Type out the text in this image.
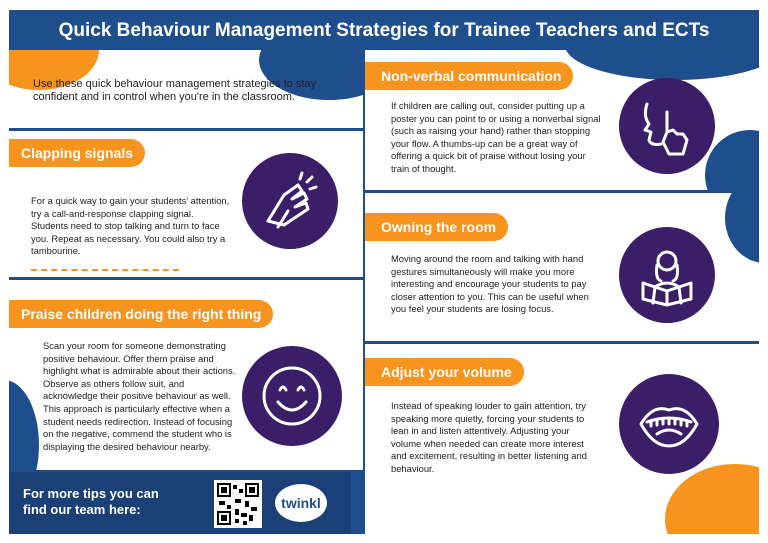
Quick Behaviour Management Strategies for Trainee Teachers and ECTs
Use these quick behaviour management strategies to stay confident and in control when you're in the classroom.
Clapping signals
For a quick way to gain your students' attention, try a call-and-response clapping signal. Students need to stop talking and turn to face you. Repeat as necessary. You could also try a tambourine.
Praise children doing the right thing
Scan your room for someone demonstrating positive behaviour. Offer them praise and highlight what is admirable about their actions. Observe as others follow suit, and acknowledge their positive behaviour as well. This approach is particularly effective when a student needs redirection. Instead of focusing on the negative, commend the student who is displaying the desired behaviour nearby.
For more tips you can find our team here:	twinkl
Non-verbal communication
If children are calling out, consider putting up a poster you can point to or using a nonverbal signal (such as raising your hand) rather than stopping your flow. A thumbs-up can be a great way of offering a quick bit of praise without losing your train of thought.
Owning the room
Moving around the room and talking with hand gestures simultaneously will make you more interesting and encourage your students to pay closer attention to you. This can be useful when you feel your students are losing focus.
Adjust your volume
Instead of speaking louder to gain attention, try speaking more quietly, forcing your students to lean in and listen attentively. Adjusting your volume when needed can create more interest and excitement, resulting in better listening and behaviour.
